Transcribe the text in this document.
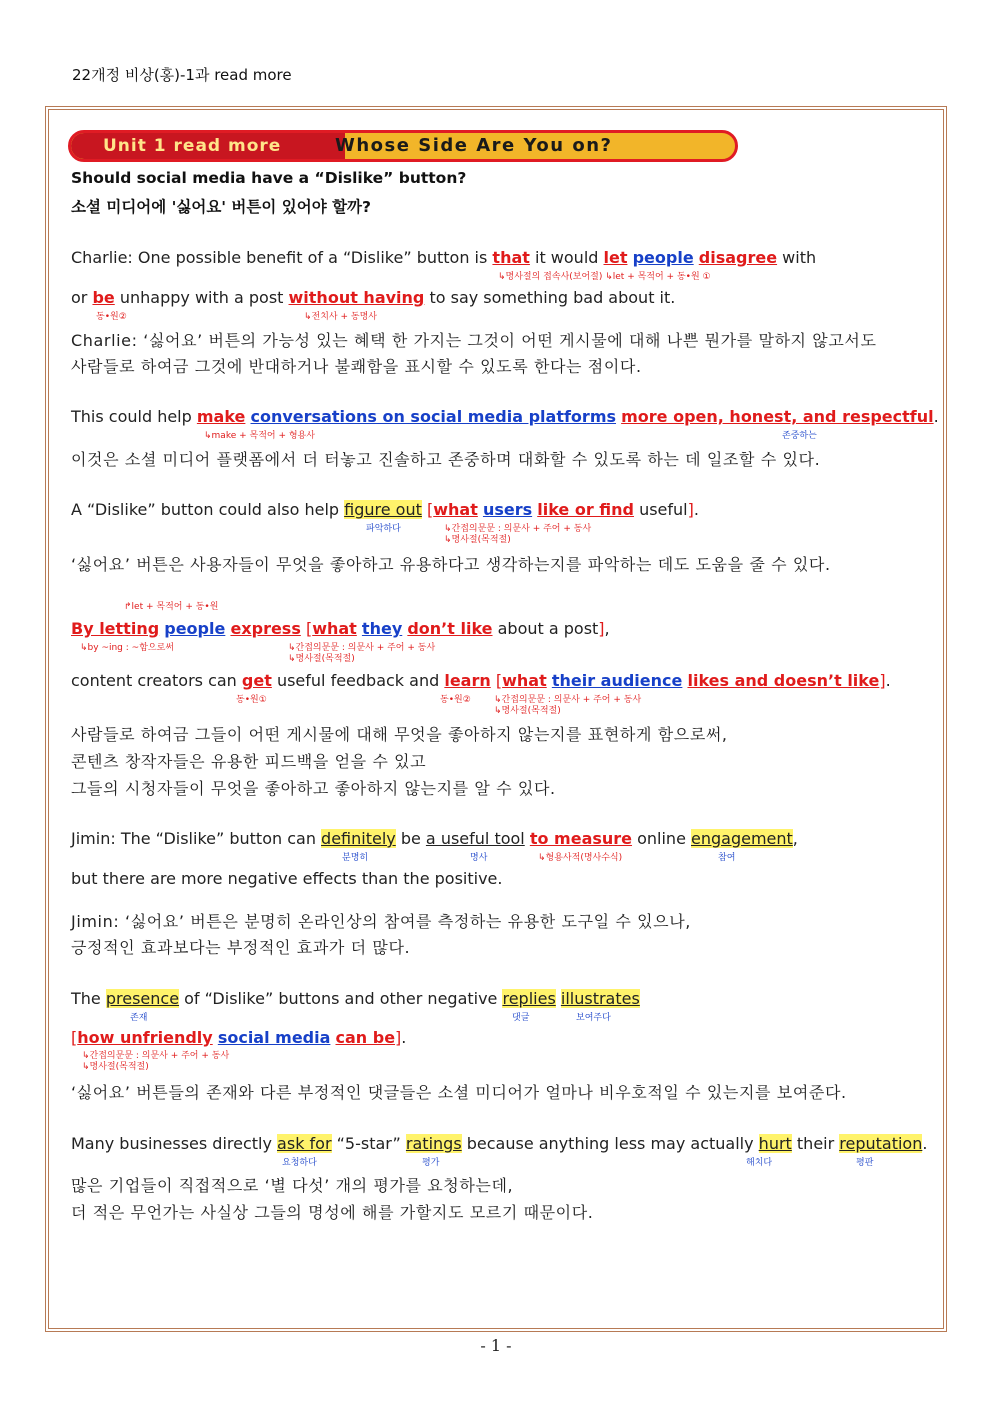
22개정 비상(홍)-1과 read more
Unit 1 read more	Whose Side Are You on?
Should social media have a “Dislike” button?
소셜 미디어에 '싫어요' 버튼이 있어야 할까?
Charlie: One possible benefit of a “Dislike” button is that it would let people disagree with
↳명사절의 접속사(보어절) ↳let + 목적어 + 동•원 ①
or be unhappy with a post without having to say something bad about it.
동•원②	↳전치사 + 동명사
Charlie: ‘싫어요’ 버튼의 가능성 있는 혜택 한 가지는 그것이 어떤 게시물에 대해 나쁜 뭔가를 말하지 않고서도
사람들로 하여금 그것에 반대하거나 불쾌함을 표시할 수 있도록 한다는 점이다.
This could help make conversations on social media platforms more open, honest, and respectful.
↳make + 목적어 + 형용사	존중하는
이것은 소셜 미디어 플랫폼에서 더 터놓고 진솔하고 존중하며 대화할 수 있도록 하는 데 일조할 수 있다.
A “Dislike” button could also help figure out [what users like or find useful].
파악하다	↳간접의문문 : 의문사 + 주어 + 동사
↳명사절(목적절)
‘싫어요’ 버튼은 사용자들이 무엇을 좋아하고 유용하다고 생각하는지를 파악하는 데도 도움을 줄 수 있다.
↱let + 목적어 + 동•원
By letting people express [what they don’t like about a post],
↳by ~ing : ~함으로써	↳간접의문문 : 의문사 + 주어 + 동사
↳명사절(목적절)
content creators can get useful feedback and learn [what their audience likes and doesn’t like].
동•원①	동•원②	↳간접의문문 : 의문사 + 주어 + 동사
↳명사절(목적절)
사람들로 하여금 그들이 어떤 게시물에 대해 무엇을 좋아하지 않는지를 표현하게 함으로써,
콘텐츠 창작자들은 유용한 피드백을 얻을 수 있고
그들의 시청자들이 무엇을 좋아하고 좋아하지 않는지를 알 수 있다.
Jimin: The “Dislike” button can definitely be a useful tool to measure online engagement,
분명히	명사	↳형용사적(명사수식)	참여
but there are more negative effects than the positive.
Jimin: ‘싫어요’ 버튼은 분명히 온라인상의 참여를 측정하는 유용한 도구일 수 있으나,
긍정적인 효과보다는 부정적인 효과가 더 많다.
The presence of “Dislike” buttons and other negative replies illustrates
존재	댓글	보여주다
[how unfriendly social media can be].
↳간접의문문 : 의문사 + 주어 + 동사
↳명사절(목적절)
‘싫어요’ 버튼들의 존재와 다른 부정적인 댓글들은 소셜 미디어가 얼마나 비우호적일 수 있는지를 보여준다.
Many businesses directly ask for “5-star” ratings because anything less may actually hurt their reputation.
요청하다	평가	해치다	평판
많은 기업들이 직접적으로 ‘별 다섯’ 개의 평가를 요청하는데,
더 적은 무언가는 사실상 그들의 명성에 해를 가할지도 모르기 때문이다.
- 1 -
